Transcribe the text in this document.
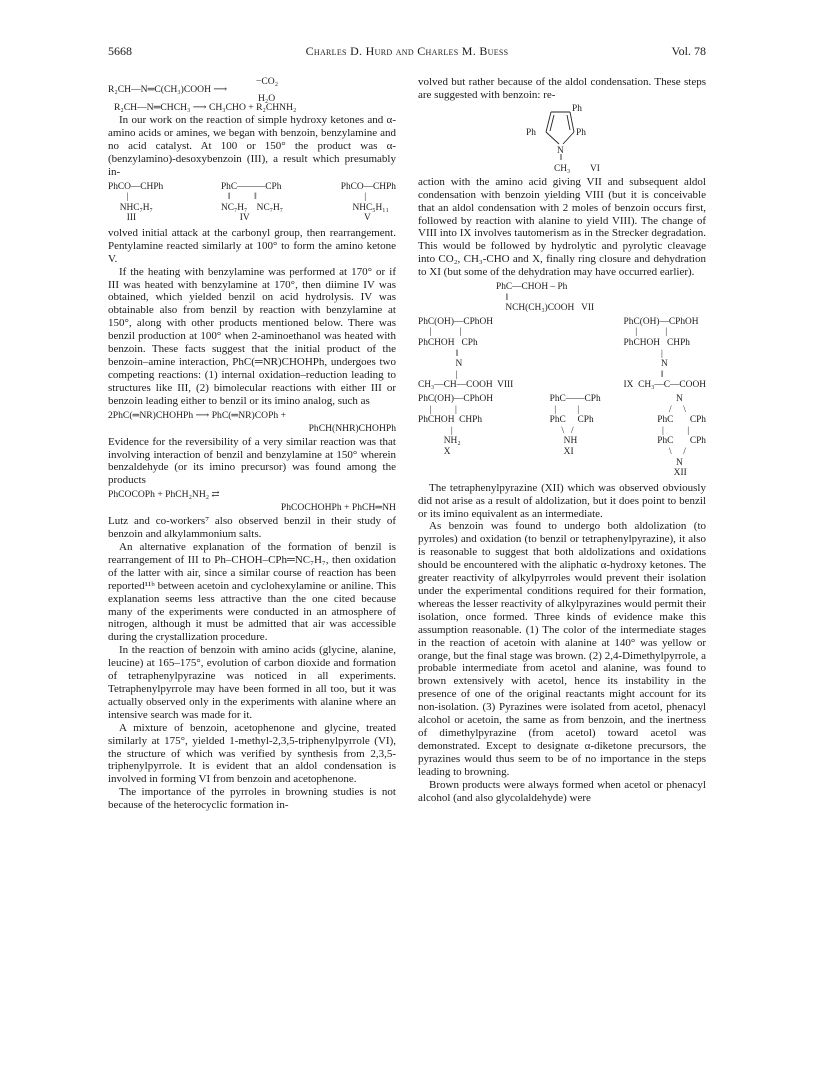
5668	Charles D. Hurd and Charles M. Buess	Vol. 78
−CO₂
R₂CH—N═C(CH₃)COOH ⟶
H₂O
R₂CH—N═CHCH₃ ⟶ CH₃CHO + R₂CHNH₂

In our work on the reaction of simple hydroxy ketones and α-amino acids or amines, we began with benzoin, benzylamine and no acid catalyst. At 100 or 150° the product was α-(benzylamino)-desoxybenzoin (III), a result which presumably in-

PhCO—CHPh
|
NHC₇H₇
III
PhC———CPh
‖          ‖
NC₇H₇    NC₇H₇
IV
PhCO—CHPh
|
NHC₅H₁₁
V

volved initial attack at the carbonyl group, then rearrangement. Pentylamine reacted similarly at 100° to form the amino ketone V.

If the heating with benzylamine was performed at 170° or if III was heated with benzylamine at 170°, then diimine IV was obtained, which yielded benzil on acid hydrolysis. IV was obtainable also from benzil by reaction with benzylamine at 150°, along with other products mentioned below. There was benzil production at 100° when 2-aminoethanol was heated with benzoin. These facts suggest that the initial product of the benzoin–amine interaction, PhC(═NR)CHOHPh, undergoes two competing reactions: (1) internal oxidation–reduction leading to structures like III, (2) bimolecular reactions with either III or benzoin leading either to benzil or its imino analog, such as

2PhC(═NR)CHOHPh ⟶ PhC(═NR)COPh +
PhCH(NHR)CHOHPh

Evidence for the reversibility of a very similar reaction was that involving interaction of benzil and benzylamine at 150° wherein benzaldehyde (or its imino precursor) was found among the products

PhCOCOPh + PhCH₂NH₂ ⇄
PhCOCHOHPh + PhCH═NH

Lutz and co-workers⁷ also observed benzil in their study of benzoin and alkylammonium salts.

An alternative explanation of the formation of benzil is rearrangement of III to Ph–CHOH–CPh═NC₇H₇, then oxidation of the latter with air, since a similar course of reaction has been reported¹¹ᵇ between acetoin and cyclohexylamine or aniline. This explanation seems less attractive than the one cited because many of the experiments were conducted in an atmosphere of nitrogen, although it must be admitted that air was accessible during the crystallization procedure.

In the reaction of benzoin with amino acids (glycine, alanine, leucine) at 165–175°, evolution of carbon dioxide and formation of tetraphenylpyrazine was noticed in all experiments. Tetraphenylpyrrole may have been formed in all too, but it was actually observed only in the experiments with alanine where an intensive search was made for it.

A mixture of benzoin, acetophenone and glycine, treated similarly at 175°, yielded 1-methyl-2,3,5-triphenylpyrrole (VI), the structure of which was verified by synthesis from 2,3,5-triphenylpyrrole. It is evident that an aldol condensation is involved in forming VI from benzoin and acetophenone.

The importance of the pyrroles in browning studies is not because of the heterocyclic formation in-

volved but rather because of the aldol condensation. These steps are suggested with benzoin: re-

Ph
Ph	Ph
N
CH₃ VI

action with the amino acid giving VII and subsequent aldol condensation with benzoin yielding VIII (but it is conceivable that an aldol condensation with 2 moles of benzoin occurs first, followed by reaction with alanine to yield VIII). The change of VIII into IX involves tautomerism as in the Strecker degradation. This would be followed by hydrolytic and pyrolytic cleavage into CO₂, CH₃-CHO and X, finally ring closure and dehydration to XI (but some of the dehydration may have occurred earlier).

PhC—CHOH – Ph
‖
NCH(CH₃)COOH   VII
PhC(OH)—CPhOH
|            |
PhCHOH   CPh
‖
N
|
CH₃—CH—COOH  VIII
PhC(OH)—CPhOH
|            |
PhCHOH   CHPh
|
N
‖
IX  CH₃—C—COOH
PhC(OH)—CPhOH
|          |
PhCHOH  CHPh
|
NH₂
X
PhC——CPh
|         |
PhC     CPh
\   /
NH
XI
N
/     \
PhC       CPh
|          |
PhC       CPh
\     /
N
XII

The tetraphenylpyrazine (XII) which was observed obviously did not arise as a result of aldolization, but it does point to benzil or its imino equivalent as an intermediate.

As benzoin was found to undergo both aldolization (to pyrroles) and oxidation (to benzil or tetraphenylpyrazine), it also is reasonable to suggest that both aldolizations and oxidations should be encountered with the aliphatic α-hydroxy ketones. The greater reactivity of alkylpyrroles would prevent their isolation under the experimental conditions required for their formation, whereas the lesser reactivity of alkylpyrazines would permit their isolation, once formed. Three kinds of evidence make this assumption reasonable. (1) The color of the intermediate stages in the reaction of acetoin with alanine at 140° was yellow or orange, but the final stage was brown. (2) 2,4-Dimethylpyrrole, a probable intermediate from acetol and alanine, was found to brown extensively with acetol, hence its instability in the presence of one of the original reactants might account for its non-isolation. (3) Pyrazines were isolated from acetol, phenacyl alcohol or acetoin, the same as from benzoin, and the inertness of dimethylpyrazine (from acetol) toward acetol was demonstrated. Except to designate α-diketone precursors, the pyrazines would thus seem to be of no importance in the steps leading to browning.

Brown products were always formed when acetol or phenacyl alcohol (and also glycolaldehyde) were
